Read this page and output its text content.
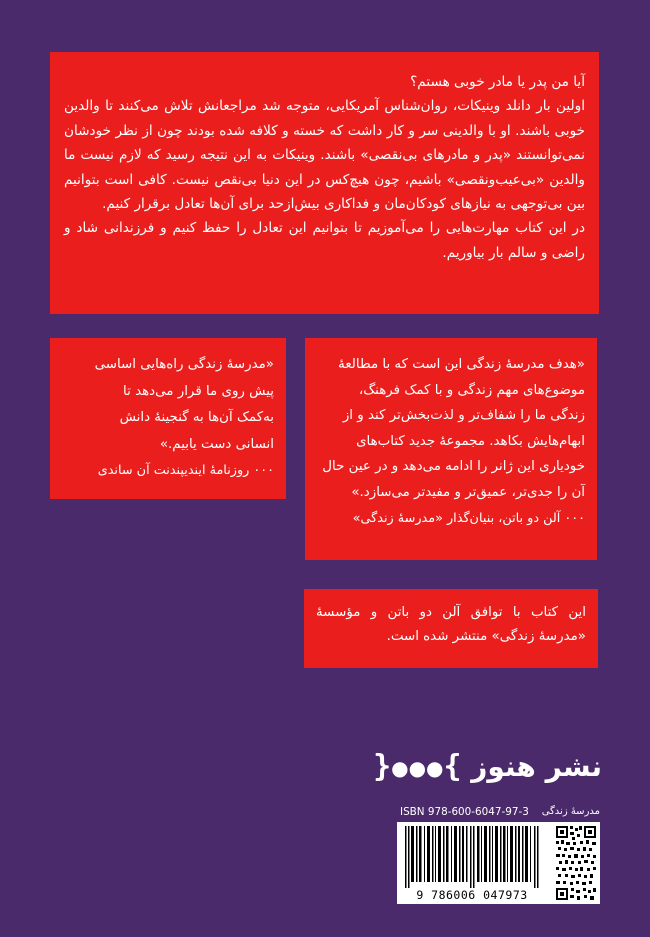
آیا من پدر یا مادر خوبی هستم؟

اولین بار دانلد وینیکات، روان‌شناس آمریکایی، متوجه شد مراجعانش تلاش می‌کنند تا والدین خوبی باشند. او با والدینی سر و کار داشت که خسته و کلافه شده بودند چون از نظر خودشان نمی‌توانستند «پدر و مادرهای بی‌نقصی» باشند. وینیکات به این نتیجه رسید که لازم نیست ما والدین «بی‌عیب‌ونقصی» باشیم، چون هیچ‌کس در این دنیا بی‌نقص نیست. کافی است بتوانیم بین بی‌توجهی به نیازهای کودکان‌مان و فداکاری بیش‌ازحد برای آن‌ها تعادل برقرار کنیم.

در این کتاب مهارت‌هایی را می‌آموزیم تا بتوانیم این تعادل را حفظ کنیم و فرزندانی شاد و راضی و سالم بار بیاوریم.

«مدرسهٔ زندگی راه‌هایی اساسی
پیش روی ما قرار می‌دهد تا
به‌کمک آن‌ها به گنجینهٔ دانش
انسانی دست یابیم.»
٠٠٠ روزنامهٔ ایندیپندنت آن ساندی
«هدف مدرسهٔ زندگی این است که با مطالعهٔ
موضوع‌های مهم زندگی و با کمک فرهنگ،
زندگی ما را شفاف‌تر و لذت‌بخش‌تر کند و از
ابهام‌هایش بکاهد. مجموعهٔ جدید کتاب‌های
خودیاری این ژانر را ادامه می‌دهد و در عین حال
آن را جدی‌تر، عمیق‌تر و مفیدتر می‌سازد.»
٠٠٠ آلن دو باتن، بنیان‌گذار «مدرسهٔ زندگی»
این کتاب با توافق آلن دو باتن و مؤسسهٔ «مدرسهٔ زندگی» منتشر شده است.
نشر هنوز }●●●{
ISBN 978-600-6047-97-3 مدرسهٔ زندگی
9 786006 047973
